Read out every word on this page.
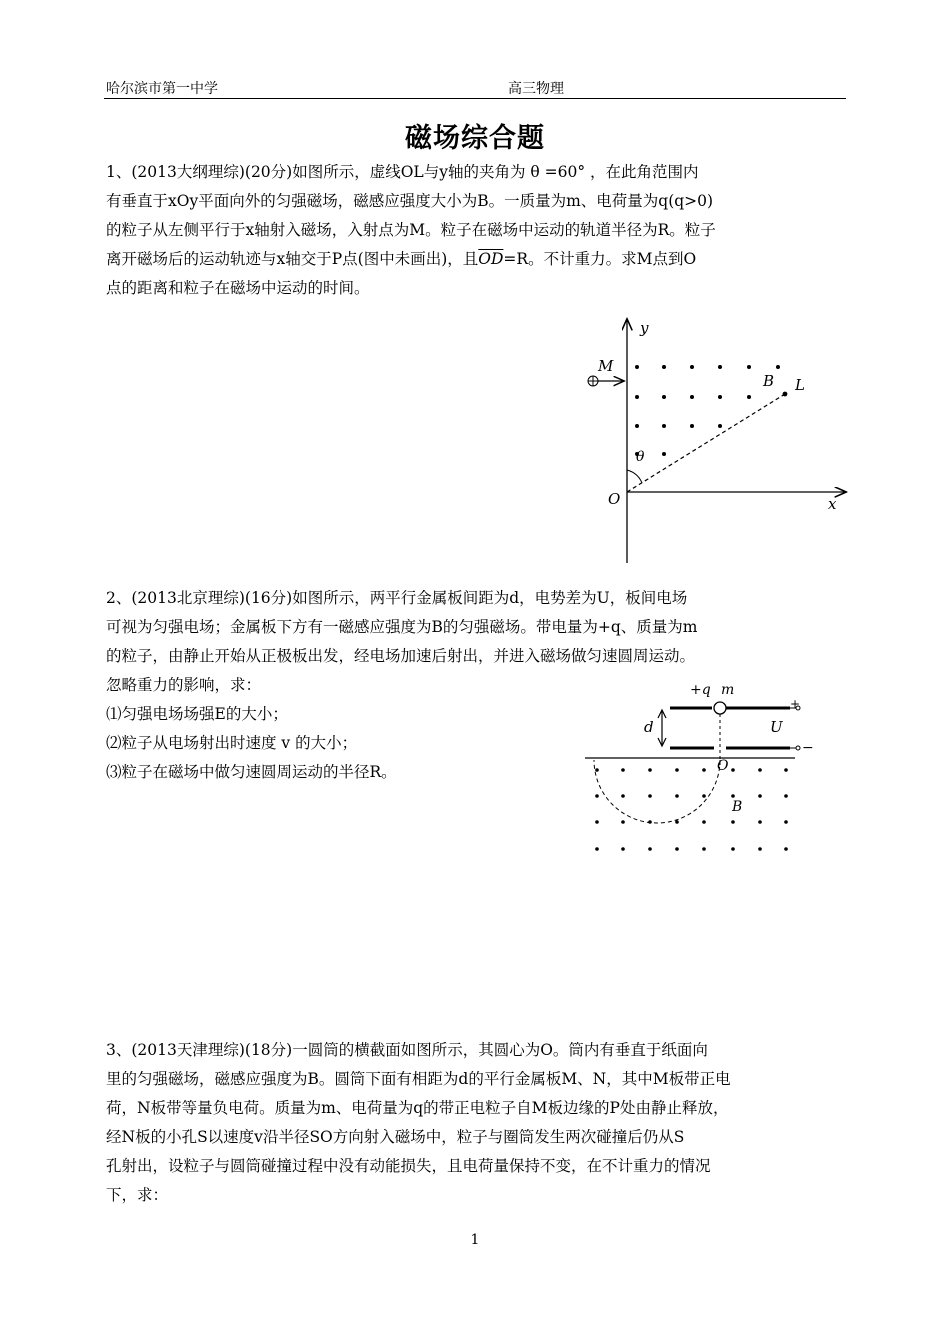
哈尔滨市第一中学	高三物理
磁场综合题

1、(2013大纲理综)(20分)如图所示，虚线OL与y轴的夹角为 θ =60° ，在此角范围内

有垂直于xOy平面向外的匀强磁场，磁感应强度大小为B。一质量为m、电荷量为q(q>0)

的粒子从左侧平行于x轴射入磁场，入射点为M。粒子在磁场中运动的轨道半径为R。粒子

离开磁场后的运动轨迹与x轴交于P点(图中未画出)，且$\overline{OD}=R$。不计重力。求M点到O

点的距离和粒子在磁场中运动的时间。

y
x
O
B L
θ
M

2、(2013北京理综)(16分)如图所示，两平行金属板间距为d，电势差为U，板间电场

可视为匀强电场；金属板下方有一磁感应强度为B的匀强磁场。带电量为+q、质量为m

的粒子，由静止开始从正极板出发，经电场加速后射出，并进入磁场做匀速圆周运动。

忽略重力的影响，求：

⑴匀强电场场强E的大小；

⑵粒子从电场射出时速度 v 的大小；

⑶粒子在磁场中做匀速圆周运动的半径R。

+q m
+
−
d	U
O
B

3、(2013天津理综)(18分)一圆筒的横截面如图所示，其圆心为O。筒内有垂直于纸面向

里的匀强磁场，磁感应强度为B。圆筒下面有相距为d的平行金属板M、N，其中M板带正电

荷，N板带等量负电荷。质量为m、电荷量为q的带正电粒子自M板边缘的P处由静止释放，

经N板的小孔S以速度v沿半径SO方向射入磁场中，粒子与圈筒发生两次碰撞后仍从S

孔射出，设粒子与圆筒碰撞过程中没有动能损失，且电荷量保持不变，在不计重力的情况

下，求：

1
